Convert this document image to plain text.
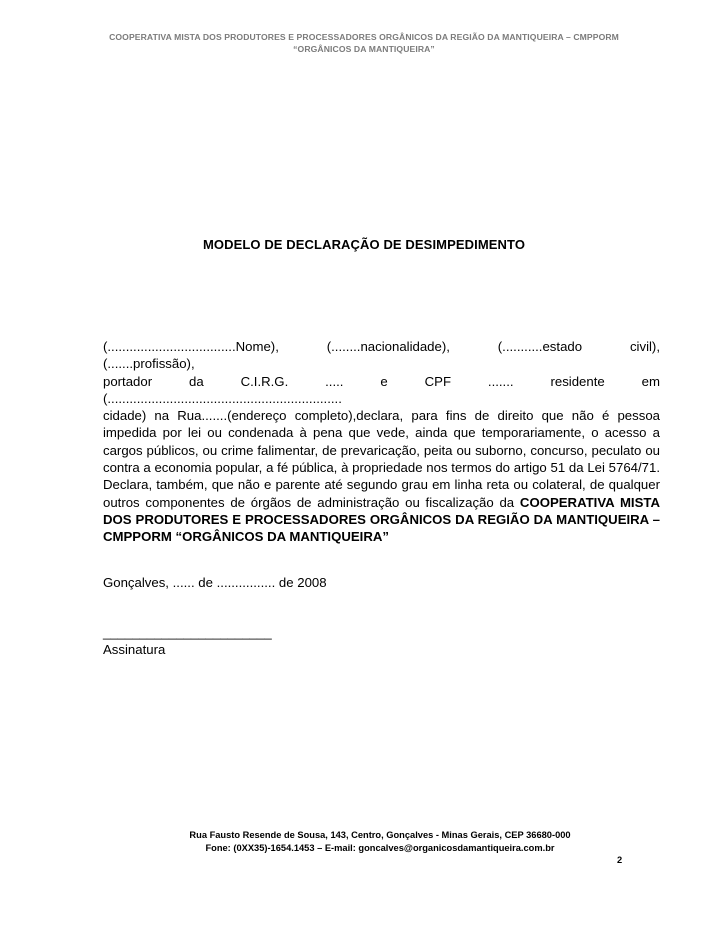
COOPERATIVA MISTA DOS PRODUTORES E PROCESSADORES ORGÂNICOS DA REGIÃO DA MANTIQUEIRA – CMPPORM
“ORGÂNICOS DA MANTIQUEIRA”
MODELO DE DECLARAÇÃO DE DESIMPEDIMENTO
(...................................Nome),	(........nacionalidade),	(...........estado	civil),
(.......profissão),
portador	da	C.I.R.G.	.....	e	CPF	.......	residente	em
(................................................................
cidade) na Rua.......(endereço completo),declara, para fins de direito que não é pessoa impedida por lei ou condenada à pena que vede, ainda que temporariamente, o acesso a cargos públicos, ou crime falimentar, de prevaricação, peita ou suborno, concurso, peculato ou contra a economia popular, a fé pública, à propriedade nos termos do artigo 51 da Lei 5764/71. Declara, também, que não e parente até segundo grau em linha reta ou colateral, de qualquer outros componentes de órgãos de administração ou fiscalização da COOPERATIVA MISTA DOS PRODUTORES E PROCESSADORES ORGÂNICOS DA REGIÃO DA MANTIQUEIRA – CMPPORM “ORGÂNICOS DA MANTIQUEIRA”
Gonçalves, ...... de ................ de 2008
_______________________
Assinatura
Rua Fausto Resende de Sousa, 143, Centro, Gonçalves - Minas Gerais, CEP 36680-000
Fone: (0XX35)-1654.1453 – E-mail: goncalves@organicosdamantiqueira.com.br
2
